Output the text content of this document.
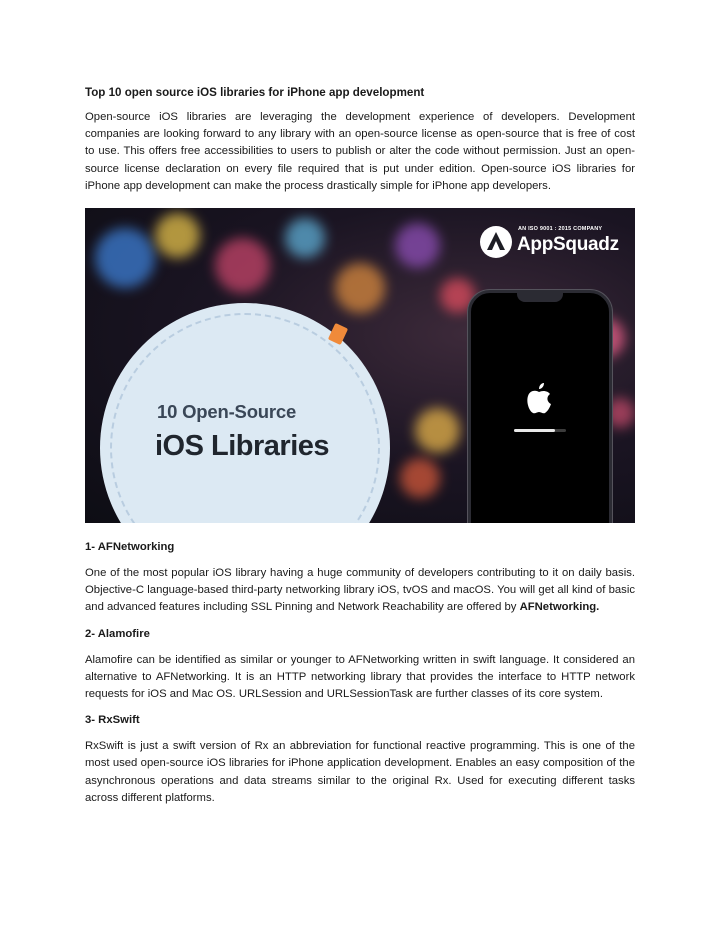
Top 10 open source iOS libraries for iPhone app development

Open-source iOS libraries are leveraging the development experience of developers. Development companies are looking forward to any library with an open-source license as open-source that is free of cost to use. This offers free accessibilities to users to publish or alter the code without permission. Just an open-source license declaration on every file required that is put under edition. Open-source iOS libraries for iPhone app development can make the process drastically simple for iPhone app developers.

AN ISO 9001 : 2015 COMPANY
AppSquadz
10 Open-Source
iOS Libraries

1- AFNetworking

One of the most popular iOS library having a huge community of developers contributing to it on daily basis. Objective-C language-based third-party networking library iOS, tvOS and macOS. You will get all kind of basic and advanced features including SSL Pinning and Network Reachability are offered by AFNetworking.

2- Alamofire

Alamofire can be identified as similar or younger to AFNetworking written in swift language. It considered an alternative to AFNetworking. It is an HTTP networking library that provides the interface to HTTP network requests for iOS and Mac OS. URLSession and URLSessionTask are further classes of its core system.

3- RxSwift

RxSwift is just a swift version of Rx an abbreviation for functional reactive programming. This is one of the most used open-source iOS libraries for iPhone application development. Enables an easy composition of the asynchronous operations and data streams similar to the original Rx. Used for executing different tasks across different platforms.
